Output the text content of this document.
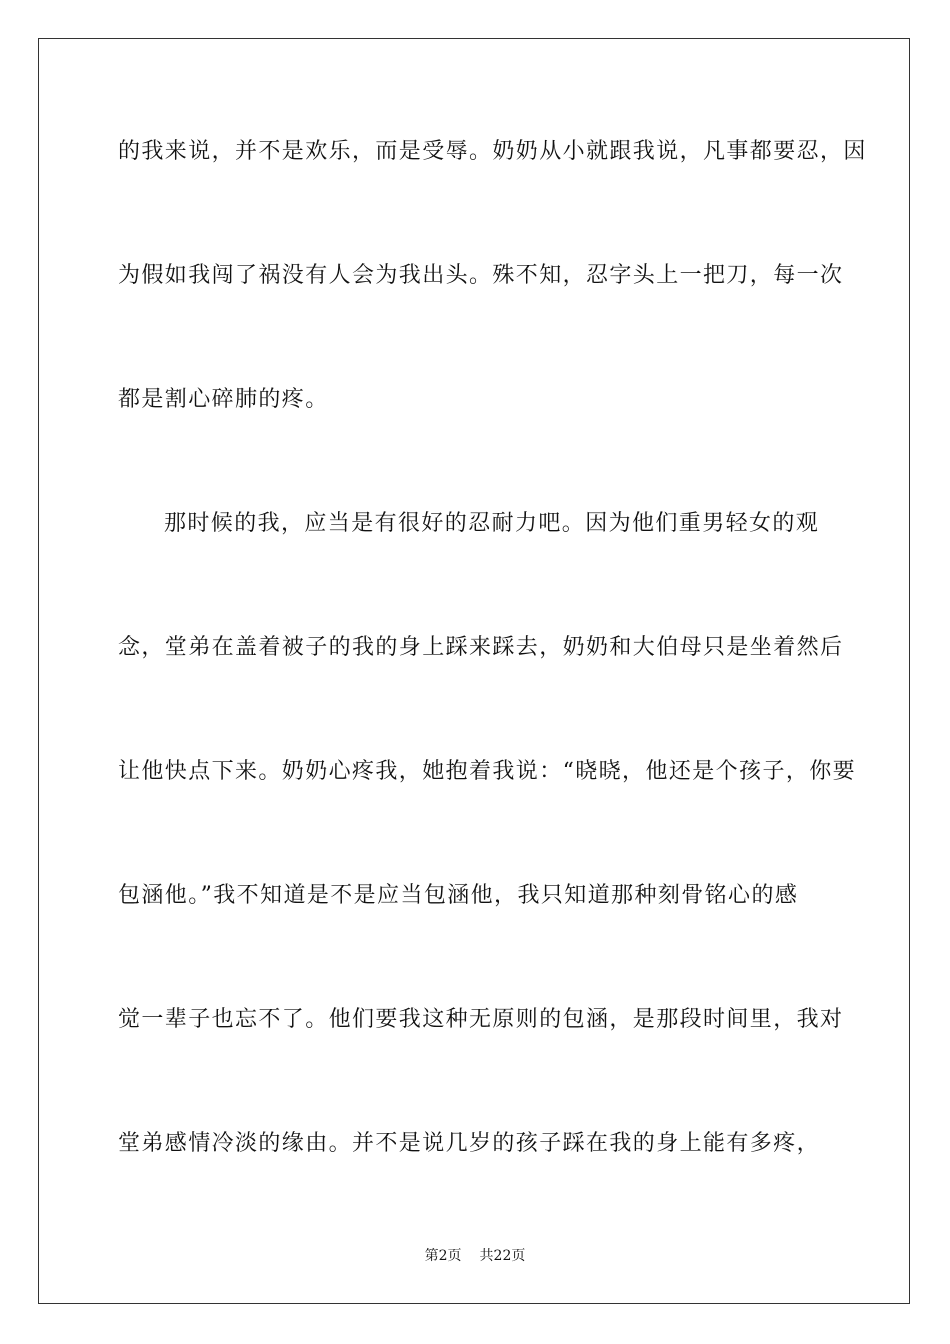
的我来说，并不是欢乐，而是受辱。奶奶从小就跟我说，凡事都要忍，因
为假如我闯了祸没有人会为我出头。殊不知，忍字头上一把刀，每一次
都是割心碎肺的疼。
那时候的我，应当是有很好的忍耐力吧。因为他们重男轻女的观
念，堂弟在盖着被子的我的身上踩来踩去，奶奶和大伯母只是坐着然后
让他快点下来。奶奶心疼我，她抱着我说：“晓晓，他还是个孩子，你要
包涵他。”我不知道是不是应当包涵他，我只知道那种刻骨铭心的感
觉一辈子也忘不了。他们要我这种无原则的包涵，是那段时间里，我对
堂弟感情冷淡的缘由。并不是说几岁的孩子踩在我的身上能有多疼，
第2页 共22页
